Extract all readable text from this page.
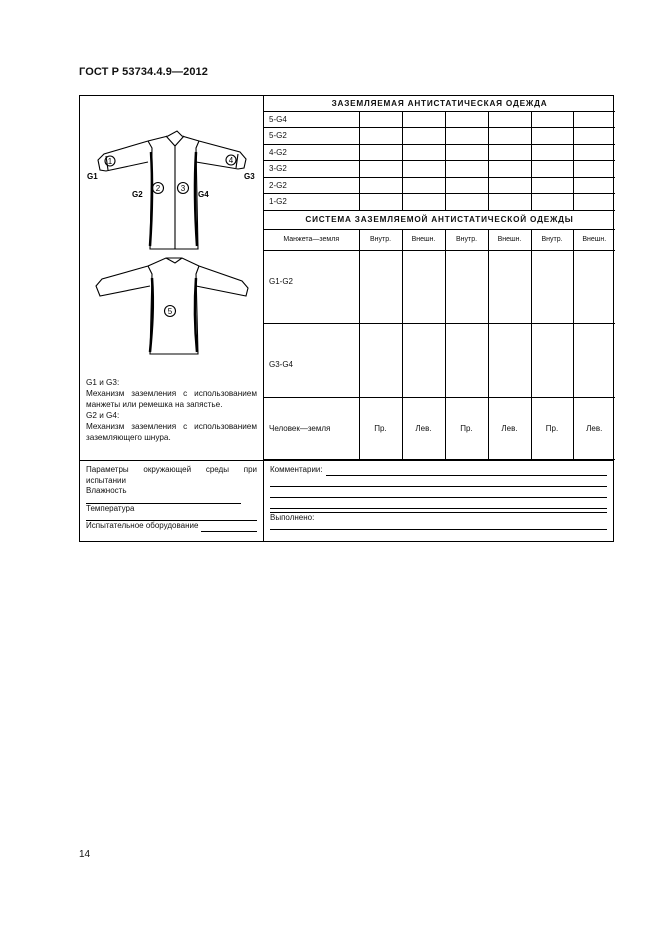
ГОСТ Р 53734.4.9—2012
1
2	3
4
5
G1
G2
G3
G4
G1 и G3:
Механизм заземления с использованием манжеты или ремешка на запястье.
G2 и G4:
Механизм заземления с использованием заземляющего шнура.
ЗАЗЕМЛЯЕМАЯ АНТИСТАТИЧЕСКАЯ ОДЕЖДА						
5-G4						
5-G2						
4-G2						
3-G2						
2-G2						
1-G2						
СИСТЕМА ЗАЗЕМЛЯЕМОЙ АНТИСТАТИЧЕСКОЙ ОДЕЖДЫ						
Манжета—земля	Внутр.	Внешн.	Внутр.	Внешн.	Внутр.	Внешн.
G1-G2						
G3-G4						
Человек—земля	Пр.	Лев.	Пр.	Лев.	Пр.	Лев.
Параметры окружающей среды при испытании
Влажность
Температура
Испытательное оборудование
Комментарии:
Выполнено:
14
